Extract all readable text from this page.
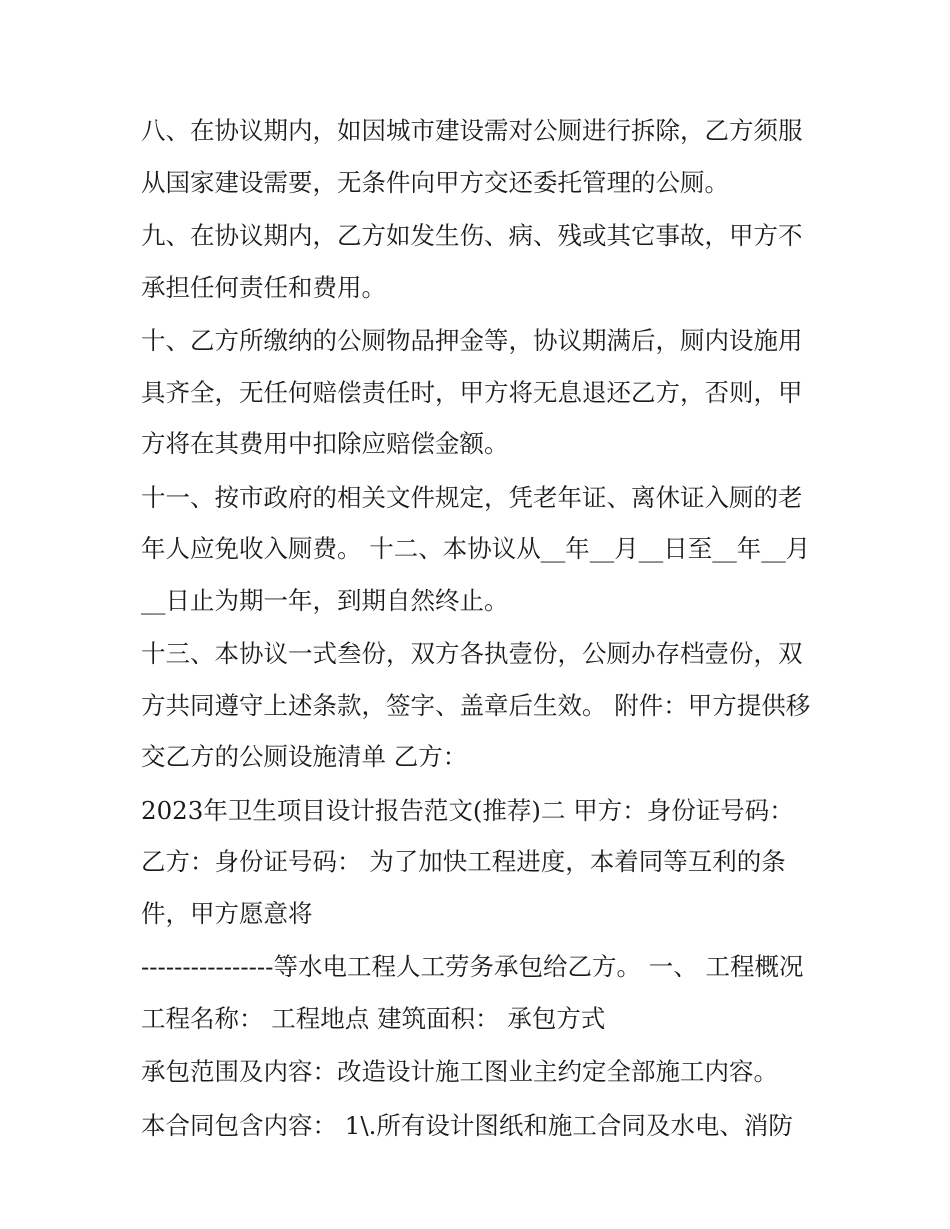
八、在协议期内，如因城市建设需对公厕进行拆除，乙方须服从国家建设需要，无条件向甲方交还委托管理的公厕。

九、在协议期内，乙方如发生伤、病、残或其它事故，甲方不承担任何责任和费用。

十、乙方所缴纳的公厕物品押金等，协议期满后，厕内设施用具齐全，无任何赔偿责任时，甲方将无息退还乙方，否则，甲方将在其费用中扣除应赔偿金额。

十一、按市政府的相关文件规定，凭老年证、离休证入厕的老年人应免收入厕费。 十二、本协议从__年__月__日至__年__月__日止为期一年，到期自然终止。

十三、本协议一式叁份，双方各执壹份，公厕办存档壹份，双方共同遵守上述条款，签字、盖章后生效。 附件：甲方提供移交乙方的公厕设施清单 乙方：

2023年卫生项目设计报告范文(推荐)二 甲方：身份证号码： 乙方：身份证号码： 为了加快工程进度，本着同等互利的条件，甲方愿意将

----------------等水电工程人工劳务承包给乙方。 一、 工程概况 工程名称： 工程地点 建筑面积： 承包方式

承包范围及内容：改造设计施工图业主约定全部施工内容。

本合同包含内容： 1\.所有设计图纸和施工合同及水电、消防
